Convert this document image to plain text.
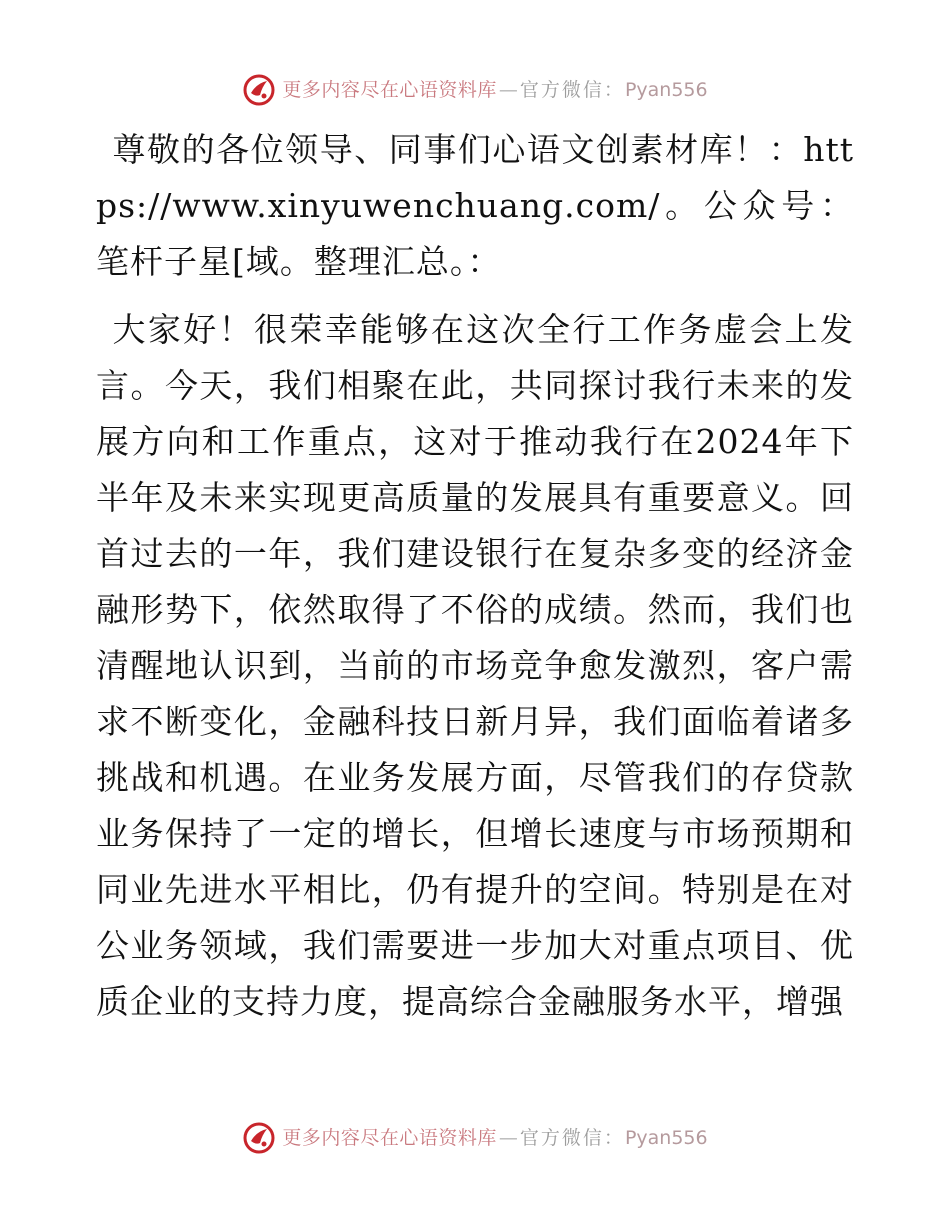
更多内容尽在心语资料库 — 官方微信： Pyan556

尊敬的各位领导、同事们心语文创素材库！：https://www.xinyuwenchuang.com/。公众号：笔杆子星[域。整理汇总。：

大家好！很荣幸能够在这次全行工作务虚会上发言。今天，我们相聚在此，共同探讨我行未来的发展方向和工作重点，这对于推动我行在2024年下半年及未来实现更高质量的发展具有重要意义。回首过去的一年，我们建设银行在复杂多变的经济金融形势下，依然取得了不俗的成绩。然而，我们也清醒地认识到，当前的市场竞争愈发激烈，客户需求不断变化，金融科技日新月异，我们面临着诸多挑战和机遇。在业务发展方面，尽管我们的存贷款业务保持了一定的增长，但增长速度与市场预期和同业先进水平相比，仍有提升的空间。特别是在对公业务领域，我们需要进一步加大对重点项目、优质企业的支持力度，提高综合金融服务水平，增强

更多内容尽在心语资料库 — 官方微信： Pyan556
